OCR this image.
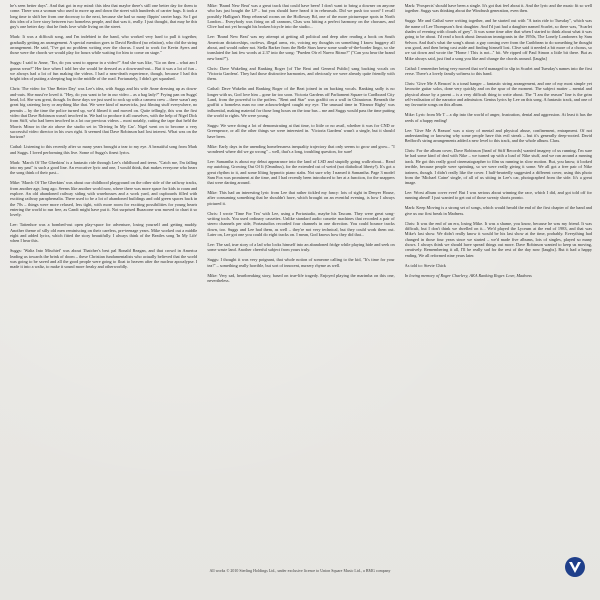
he's seen better days". And that got in my mind: this idea that maybe there's still one better day for them to come. There was a woman who used to move up and down the street with hundreds of carrier bags. It took a long time to shift her from one doorway to the next, because she had so many flippin' carrier bags. So I got this idea of a love story between two homeless people, and that was it, really. I just thought, that may be this guy's one better day: that he finds love while living on the street.

Mark: It was a difficult song, and I'm indebted to the band, who worked very hard to pull it together, gradually getting an arrangement. A special mention goes to David Bedford (no relation), who did the string arrangement. He said, "I've got no problem writing over the chorus. I used to work for Kevin Ayers and those were the chords we would play for hours while waiting for him to come on stage."

Suggs: I said to Anne, "Err, do you want to appear in a video?" And she was like, "Go on then – what am I gonna wear?" Her face when I told her she would be dressed as a down-and-out... But it was a lot of fun – we always had a lot of fun making the videos. I had a near-death experience, though, because I had this bright idea of putting a sleeping bag in the middle of the road. Fortunately, I didn't get squashed.

Chris: The video for 'One Better Day' was Lee's idea, with Suggs and his wife Anne dressing up as down-and-outs. She must've loved it. "Hey, do you want to be in our video – as a bag lady?" Frying pan on Suggs' head, lol. She was great, though. In those days we just used to rock up with a camera crew – there wasn't any great big catering lorry or anything like that. We were kind of mavericks, just filming stuff everywhere, no permits – by the time the police turned up, we'd filmed it and moved on. Quite tellingly, this was the first video that Dave Robinson wasn't involved in. We had to produce it all ourselves, with the help of Nigel Dick from Stiff, who had been involved in a lot our previous videos – most notably, cutting the tape that held the Morris Minor in the air above the studio set in 'Driving In My Car'. Nigel went on to become a very successful video director in his own right. It seemed that Dave Robinson had lost interest. What was on the horizon?

Cathal: Listening to this recently after so many years brought a tear to my eye. A beautiful song from Mark and Suggs. I loved performing this live. Some of Suggs's finest lyrics.

Mark: 'March Of The Gherkins' is a fantastic ride through Lee's childhood and teens. "Catch me, I'm falling into my past" is such a good line. An evocative lyric and one, I would think, that makes everyone who hears the song think of their past...

Mike: 'March Of The Gherkins' was about our childhood playground on the other side of the railway tracks, from another age, long ago. Seems like another world now, where there was more space for kids to roam and explore. An old abandoned railway siding with warehouses and a work yard, and cupboards filled with exciting railway paraphernalia. There used to be a lot of abandoned buildings and odd green spaces back in the 70s – things were more relaxed, less tight, with more room for exciting possibilities for young hearts entering the world to run free, as Candi might have put it. Not surprised Buzzcone was moved to chart it so lovely.

Lee: Tattenhoe was a bombed-out open play-space for adventure, losing yourself and getting muddy. Another theme of silly old men reminiscing on their careless, pre-teenage years. Mike worked out a middle eight and added lyrics, which fitted the story beautifully. I always think of the Beatles song 'In My Life' when I hear this.

Suggs: 'Waltz Into Mischief' was about Thatcher's best pal Ronald Reagan, and that crowd in America leading us towards the brink of doom – these Christian fundamentalists who actually believed that the world was going to be saved and all the good people were going to float to heaven after the nuclear apocalypse. I made it into a waltz, to make it sound more freaky and otherworldly.

Mike: 'Brand New Beat' was a great track that could have been! I don't want to bring a downer on anyone who has just bought the LP – but you should have heard it in rehearsals. Did we push too soon? I recall possibly Halligan's Heap rehearsal rooms on the Holloway Rd, one of the more picturesque spots in North London... Everybody was firing on all cannons, Chas was hitting a perfect harmony on the choruses, and Clive had not yet brought his broken bicycle into the studio...

Lee: 'Brand New Beat' was my attempt at getting all political and deep after reading a book on South American dictatorships, curfews, illegal arms, etc, voicing my thoughts on something I know buggery all about, and would rather not. Stella Barker from the Belle Stars knew some south-of-the-border lingo, so she translated the last few words at 2.37 into the song: "Pueden Oír el Nuevo Ritmo?" ("Can you hear the brand new beat?").

Chris: Dave Wakeling and Ranking Roger [of The Beat and General Public] sang backing vocals on 'Victoria Gardens'. They had those distinctive harmonies, and obviously we were already quite friendly with them.

Cathal: Dave Wakelin and Ranking Roger of the Beat joined in on backing vocals. Ranking sadly is no longer with us, God love him – gone far too soon. Victoria Gardens off Parliament Square to Cardboard City Land, from the powerful to the potless. "Rent and Star" was graffiti on a wall in Chinatown. Beneath the graffiti a homeless man no one acknowledged caught my eye. The unusual time in 'Eleanor Rigby' was influential, making material for those long hours on the tour bus – me and Suggs would pass the time putting the world to rights. We were young.

Suggs: We were doing a lot of demonstrating at that time, to little or no avail, whether it was for CND or Greenpeace, or all the other things we were interested in. 'Victoria Gardens' wasn't a single, but it should have been.

Mike: Early days in the unending homelessness inequality trajectory that only seems to grow and grow... "I wondered where did we go wrong" – well, that's a long, troubling question, for sure!

Lee: Samantha is about my debut appearance into the land of LSD and stupidly going walk-about... Read my autobiog, Growing Out Of It (Omnibus), for the extended cut of weird (not diabolical liberty!). It's got a great rhythm to it, and some lilting hypnotic piano stabs. Not sure why I named it Samantha. Page 3 model Sam Fox was prominent at the time, and I had recently been introduced to her at a function, for the snappers that were darting around.

Mike: This had an interesting lyric from Lee that rather tickled my fancy: lots of sight in Denyer House, after consuming something that he shouldn't have, which brought on an eventful evening, is how I always pictured it.

Chris: I wrote 'Time For Tea' with Lee, using a Portastudio, maybe his Tascam. They were great song-writing tools. You used ordinary cassettes. Unlike standard audio cassette machines that recorded a pair of stereo channels per side, Portastudios recorded four channels in one direction. You could bounce tracks down, too. Suggs and Lee had them, as well – they're not very technical, but they could work them out. Later on, Lee got one you could do eight tracks on. I mean, God knows how they did that...

Lee: The sad, true story of a lad who locks himself into an abandoned fridge while playing hide and seek on some waste land. Another cheerful subject from yours truly.

Suggs: I thought it was very poignant, that whole notion of someone calling to the kid, "It's time for your tea!" – something really horrible, but sort of innocent, nursery rhyme as well.

Mike: Very sad, heartbreaking story, based on true-life tragedy. Enjoyed playing the marimba on this one, nevertheless.

Mark: 'Prospects' should have been a single. It's got that feel about it. And the lyric and the music fit so well together. Suggs was thinking about the Windrush generation, even then.

Suggs: Me and Cathal were writing together, and he started out with "A train ride to Tuesday", which was the name of Lee Thompson's first daughter. And I'd just had a daughter named Scarlet, so there was, "Scarlet shades of evening with clouds of grey". It was some time after that when I started to think about what it was going to be about. I'd read a book about Jamaican immigrants in the 1950s, The Lonely Londoners by Sam Selvon. And that's what the song's about: a guy coming over from the Caribbean to do something he thought was good, and then being cast aside and finding himself lost. Clive said it needed a bit more of a chorus, so we sat down and wrote the "Home / This is not..." bit. We ripped off Paul Simon a little bit there. But as Mike always said, just find a song you like and change the chords around. [laughs]

Cathal: I remember being very moved that we'd managed to slip in Scarlet and Tuesday's names into the first verse. There's a lovely family softness to this band.

Chris: 'Give Me A Reason' is a tonal banger – fantastic string arrangement, and one of my most simple yet favourite guitar solos, done very quickly and on the spur of the moment. The subject matter – mental and physical abuse by a parent – is a very difficult thing to write about. The "I am the reason" line is the grim self-realisation of the narrator and admission. Genius lyrics by Lee on this song. A fantastic track, and one of my favourite songs on this album.

Mike: Lyric from Mr T – a dip into the world of anger, frustration, denial and aggression. At least it has the seeds of a happy ending!

Lee: 'Give Me A Reason' was a story of mental and physical abuse, confinement, entrapment. Of not understanding or knowing why some people have this evil streak – but it's generally deep-rooted. David Bedford's string arrangements added a new level to this track, and the whole album. Class.

Chris: For the album cover, Dave Robinson [head of Stiff Records] wanted imagery of us running. I'm sure he had some kind of deal with Nike – we turned up with a load of Nike stuff, and we ran around a running track. He got this really good cinematographer to film us running in slow motion. But, you know, it looked terrible, because people were sprinting, so we were really giving it some. We all got a free pair of Nike trainers, though. I didn't really like the cover. I half-heartedly suggested a different cover, using this photo from the 'Michael Caine' single, of all of us sitting in Lee's car, photographed from the side. It's a great image.

Lee: Worst album cover ever! But I was serious about winning the race, which I did, and got told off for running ahead! I just wanted to get out of those sweaty shorts pronto.

Mark: Keep Moving is a strong set of songs, which would herald the end of the first chapter of the band and give us our first break in Madness.

Chris: It was the end of an era, losing Mike. It was a shame, you know, because he was my friend. It was difficult, but I don't think we dwelled on it... We'd played the Lyceum at the end of 1983, and that was Mike's last show. We didn't really know it would be his last show at the time, probably. Everything had changed in those four years since we started – we'd made five albums, lots of singles, played so many shows. I always think we should have spread things out more. Dave Robinson wanted to keep us moving, creatively. Remembering it all, I'll be really sad for the rest of the day now [laughs]. But it had a happy ending. We all reformed nine years later.

As told to: Stevie Chick

In loving memory of Roger Charlery, AKA Ranking Roger. Love, Madness

All works © 2010 Sterling Holdings Ltd., under exclusive licence to Union Square Music Ltd., a BMG company
